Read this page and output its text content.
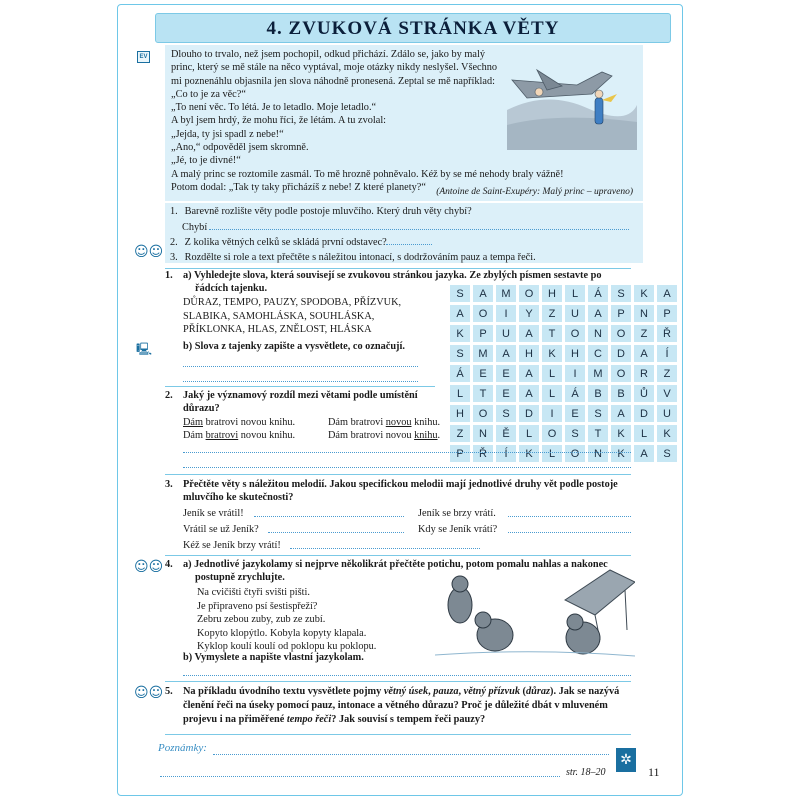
4. ZVUKOVÁ STRÁNKA VĚTY
EV Dlouho to trvalo, než jsem pochopil, odkud přichází. Zdálo se, jako by malý
princ, který se mě stále na něco vyptával, moje otázky nikdy neslyšel. Všechno
mi poznenáhlu objasnila jen slova náhodně pronesená. Zeptal se mě například:
„Co to je za věc?“
„To není věc. To létá. Je to letadlo. Moje letadlo.“
A byl jsem hrdý, že mohu říci, že létám. A tu zvolal:
„Jejda, ty jsi spadl z nebe!“
„Ano,“ odpověděl jsem skromně.
„Jé, to je divné!“
A malý princ se roztomile zasmál. To mě hrozně pohněvalo. Kéž by se mé nehody braly vážně!
Potom dodal: „Tak ty taky přicházíš z nebe! Z které planety?“	(Antoine de Saint-Exupéry: Malý princ – upraveno)
1. Barevně rozlište věty podle postoje mluvčího. Který druh věty chybí?
Chybí
2. Z kolika větných celků se skládá první odstavec?
3. Rozdělte si role a text přečtěte s náležitou intonací, s dodržováním pauz a tempa řeči.
☺☺
1. a) Vyhledejte slova, která souvisejí se zvukovou stránkou jazyka. Ze zbylých písmen sestavte po
řádcích tajenku.
DŮRAZ, TEMPO, PAUZY, SPODOBA, PŘÍZVUK,
SLABIKA, SAMOHLÁSKA, SOUHLÁSKA,
PŘÍKLONKA, HLAS, ZNĚLOST, HLÁSKA
🖳	b) Slova z tajenky zapište a vysvětlete, co označují.
S	A	M	O	H	L	Á	S	K	A
A	O	I	Y	Z	U	A	P	N	P
K	P	U	A	T	O	N	O	Z	Ř
S	M	A	H	K	H	C	D	A	Í
Á	E	E	A	L	I	M	O	R	Z
L	T	E	A	L	Á	B	B	Ů	V
H	O	S	D	I	E	S	A	D	U
Z	N	Ě	L	O	S	T	K	L	K
P	Ř	Í	K	L	O	N	K	A	S
2. Jaký je významový rozdíl mezi větami podle umístění
důrazu?
Dám bratrovi novou knihu.	Dám bratrovi novou knihu.
Dám bratrovi novou knihu.	Dám bratrovi novou knihu.
3. Přečtěte věty s náležitou melodií. Jakou specifickou melodii mají jednotlivé druhy vět podle postoje
mluvčího ke skutečnosti?
Jeník se vrátil!	Jeník se brzy vrátí.
Vrátil se už Jeník?	Kdy se Jeník vrátí?
Kéž se Jeník brzy vrátí!
☺☺ 4. a) Jednotlivé jazykolamy si nejprve několikrát přečtěte potichu, potom pomalu nahlas a nakonec
postupně zrychlujte.
Na cvičišti čtyři svišti pišti.
Je připraveno psí šestispřeží?
Zebru zebou zuby, zub ze zubí.
Kopyto klopýtlo. Kobyla kopyty klapala.
Kyklop koulí koulí od poklopu ku poklopu.
b) Vymyslete a napište vlastní jazykolam.
☺☺ 5. Na příkladu úvodního textu vysvětlete pojmy větný úsek, pauza, větný přízvuk (důraz). Jak se nazývá
členění řeči na úseky pomocí pauz, intonace a větného důrazu? Proč je důležité dbát v mluveném
projevu i na přiměřené tempo řeči? Jak souvisí s tempem řeči pauzy?
Poznámky:
✲
str. 18–20	11
